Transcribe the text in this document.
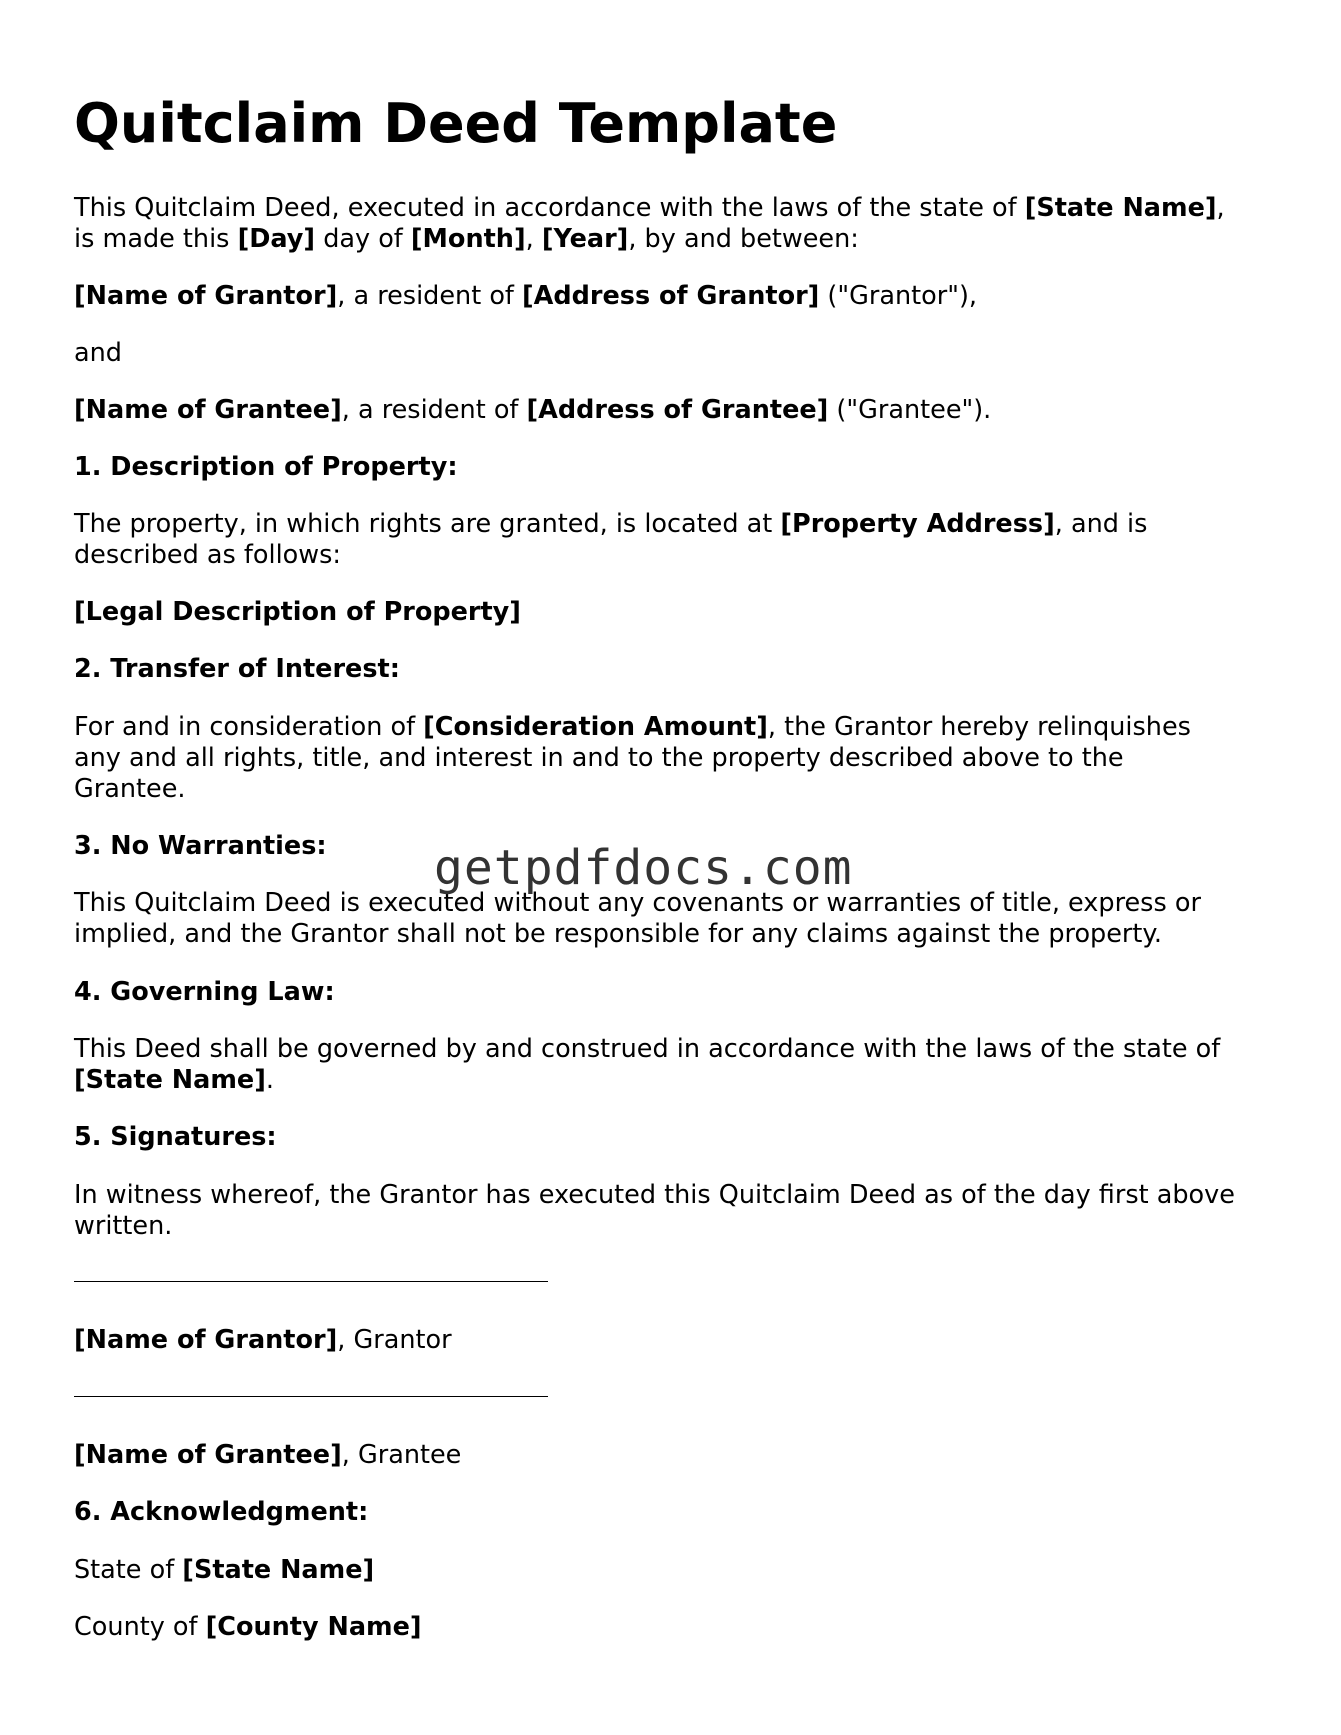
Quitclaim Deed Template
This Quitclaim Deed, executed in accordance with the laws of the state of [State Name],
is made this [Day] day of [Month], [Year], by and between:
[Name of Grantor], a resident of [Address of Grantor] ("Grantor"),
and
[Name of Grantee], a resident of [Address of Grantee] ("Grantee").
1. Description of Property:
The property, in which rights are granted, is located at [Property Address], and is
described as follows:
[Legal Description of Property]
2. Transfer of Interest:
For and in consideration of [Consideration Amount], the Grantor hereby relinquishes
any and all rights, title, and interest in and to the property described above to the
Grantee.
3. No Warranties:
This Quitclaim Deed is executed without any covenants or warranties of title, express or
implied, and the Grantor shall not be responsible for any claims against the property.
4. Governing Law:
This Deed shall be governed by and construed in accordance with the laws of the state of
[State Name].
5. Signatures:
In witness whereof, the Grantor has executed this Quitclaim Deed as of the day first above
written.
[Name of Grantor], Grantor
[Name of Grantee], Grantee
6. Acknowledgment:
State of [State Name]
County of [County Name]
getpdfdocs.com
